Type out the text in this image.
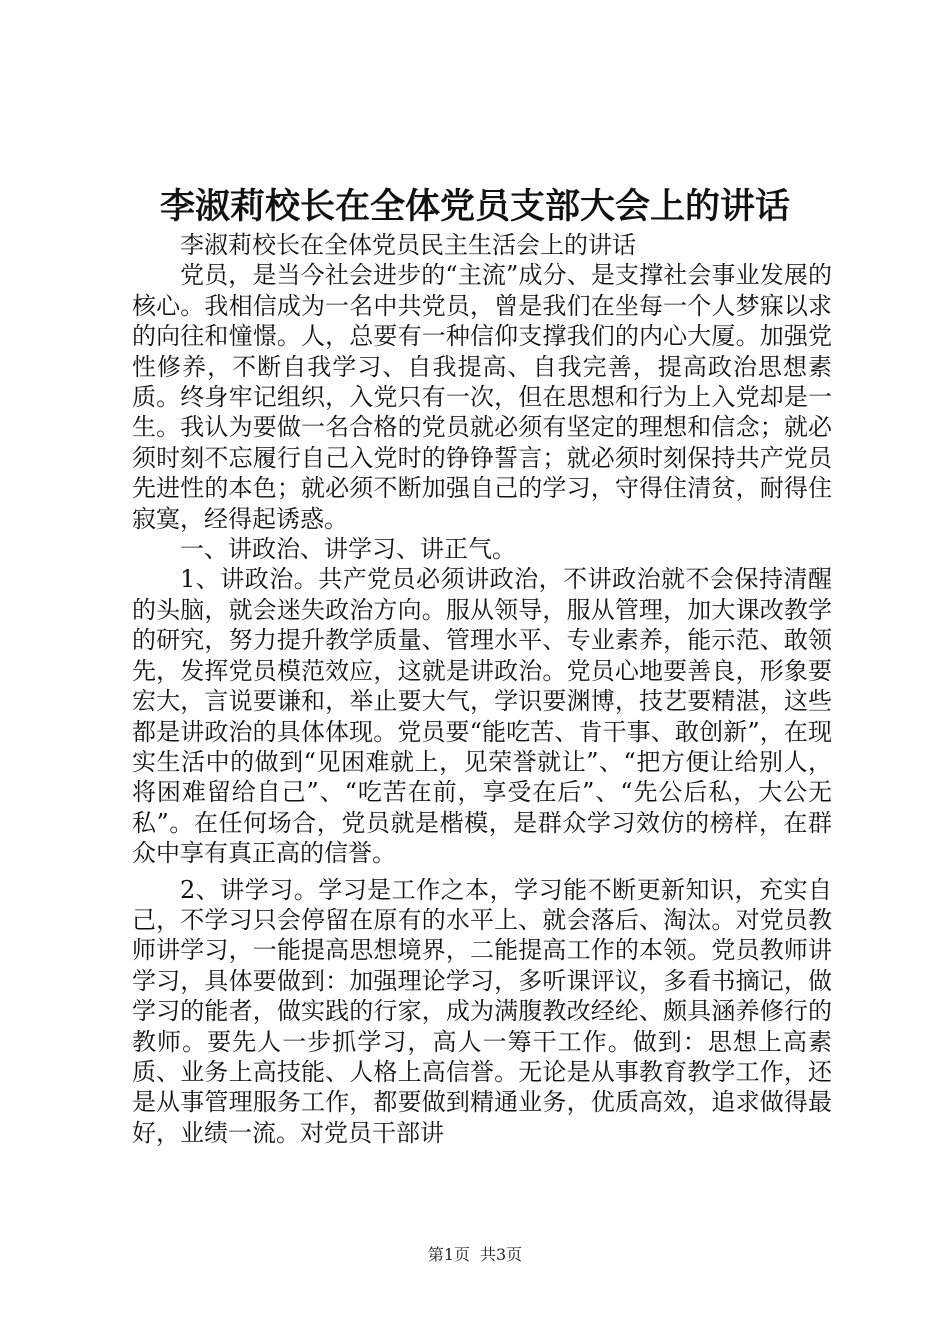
李淑莉校长在全体党员支部大会上的讲话

李淑莉校长在全体党员民主生活会上的讲话

党员，是当今社会进步的“主流”成分、是支撑社会事业发展的核心。我相信成为一名中共党员，曾是我们在坐每一个人梦寐以求的向往和憧憬。人，总要有一种信仰支撑我们的内心大厦。加强党性修养，不断自我学习、自我提高、自我完善，提高政治思想素质。终身牢记组织，入党只有一次，但在思想和行为上入党却是一生。我认为要做一名合格的党员就必须有坚定的理想和信念；就必须时刻不忘履行自己入党时的铮铮誓言；就必须时刻保持共产党员先进性的本色；就必须不断加强自己的学习，守得住清贫，耐得住寂寞，经得起诱惑。

一、讲政治、讲学习、讲正气。

1、讲政治。共产党员必须讲政治，不讲政治就不会保持清醒的头脑，就会迷失政治方向。服从领导，服从管理，加大课改教学的研究，努力提升教学质量、管理水平、专业素养，能示范、敢领先，发挥党员模范效应，这就是讲政治。党员心地要善良，形象要宏大，言说要谦和，举止要大气，学识要渊博，技艺要精湛，这些都是讲政治的具体体现。党员要“能吃苦、肯干事、敢创新”，在现实生活中的做到“见困难就上，见荣誉就让”、“把方便让给别人，将困难留给自己”、“吃苦在前，享受在后”、“先公后私，大公无私”。在任何场合，党员就是楷模，是群众学习效仿的榜样，在群众中享有真正高的信誉。

2、讲学习。学习是工作之本，学习能不断更新知识，充实自己，不学习只会停留在原有的水平上、就会落后、淘汰。对党员教师讲学习，一能提高思想境界，二能提高工作的本领。党员教师讲学习，具体要做到：加强理论学习，多听课评议，多看书摘记，做学习的能者，做实践的行家，成为满腹教改经纶、颇具涵养修行的教师。要先人一步抓学习，高人一筹干工作。做到：思想上高素质、业务上高技能、人格上高信誉。无论是从事教育教学工作，还是从事管理服务工作，都要做到精通业务，优质高效，追求做得最好，业绩一流。对党员干部讲

第1页 共3页
